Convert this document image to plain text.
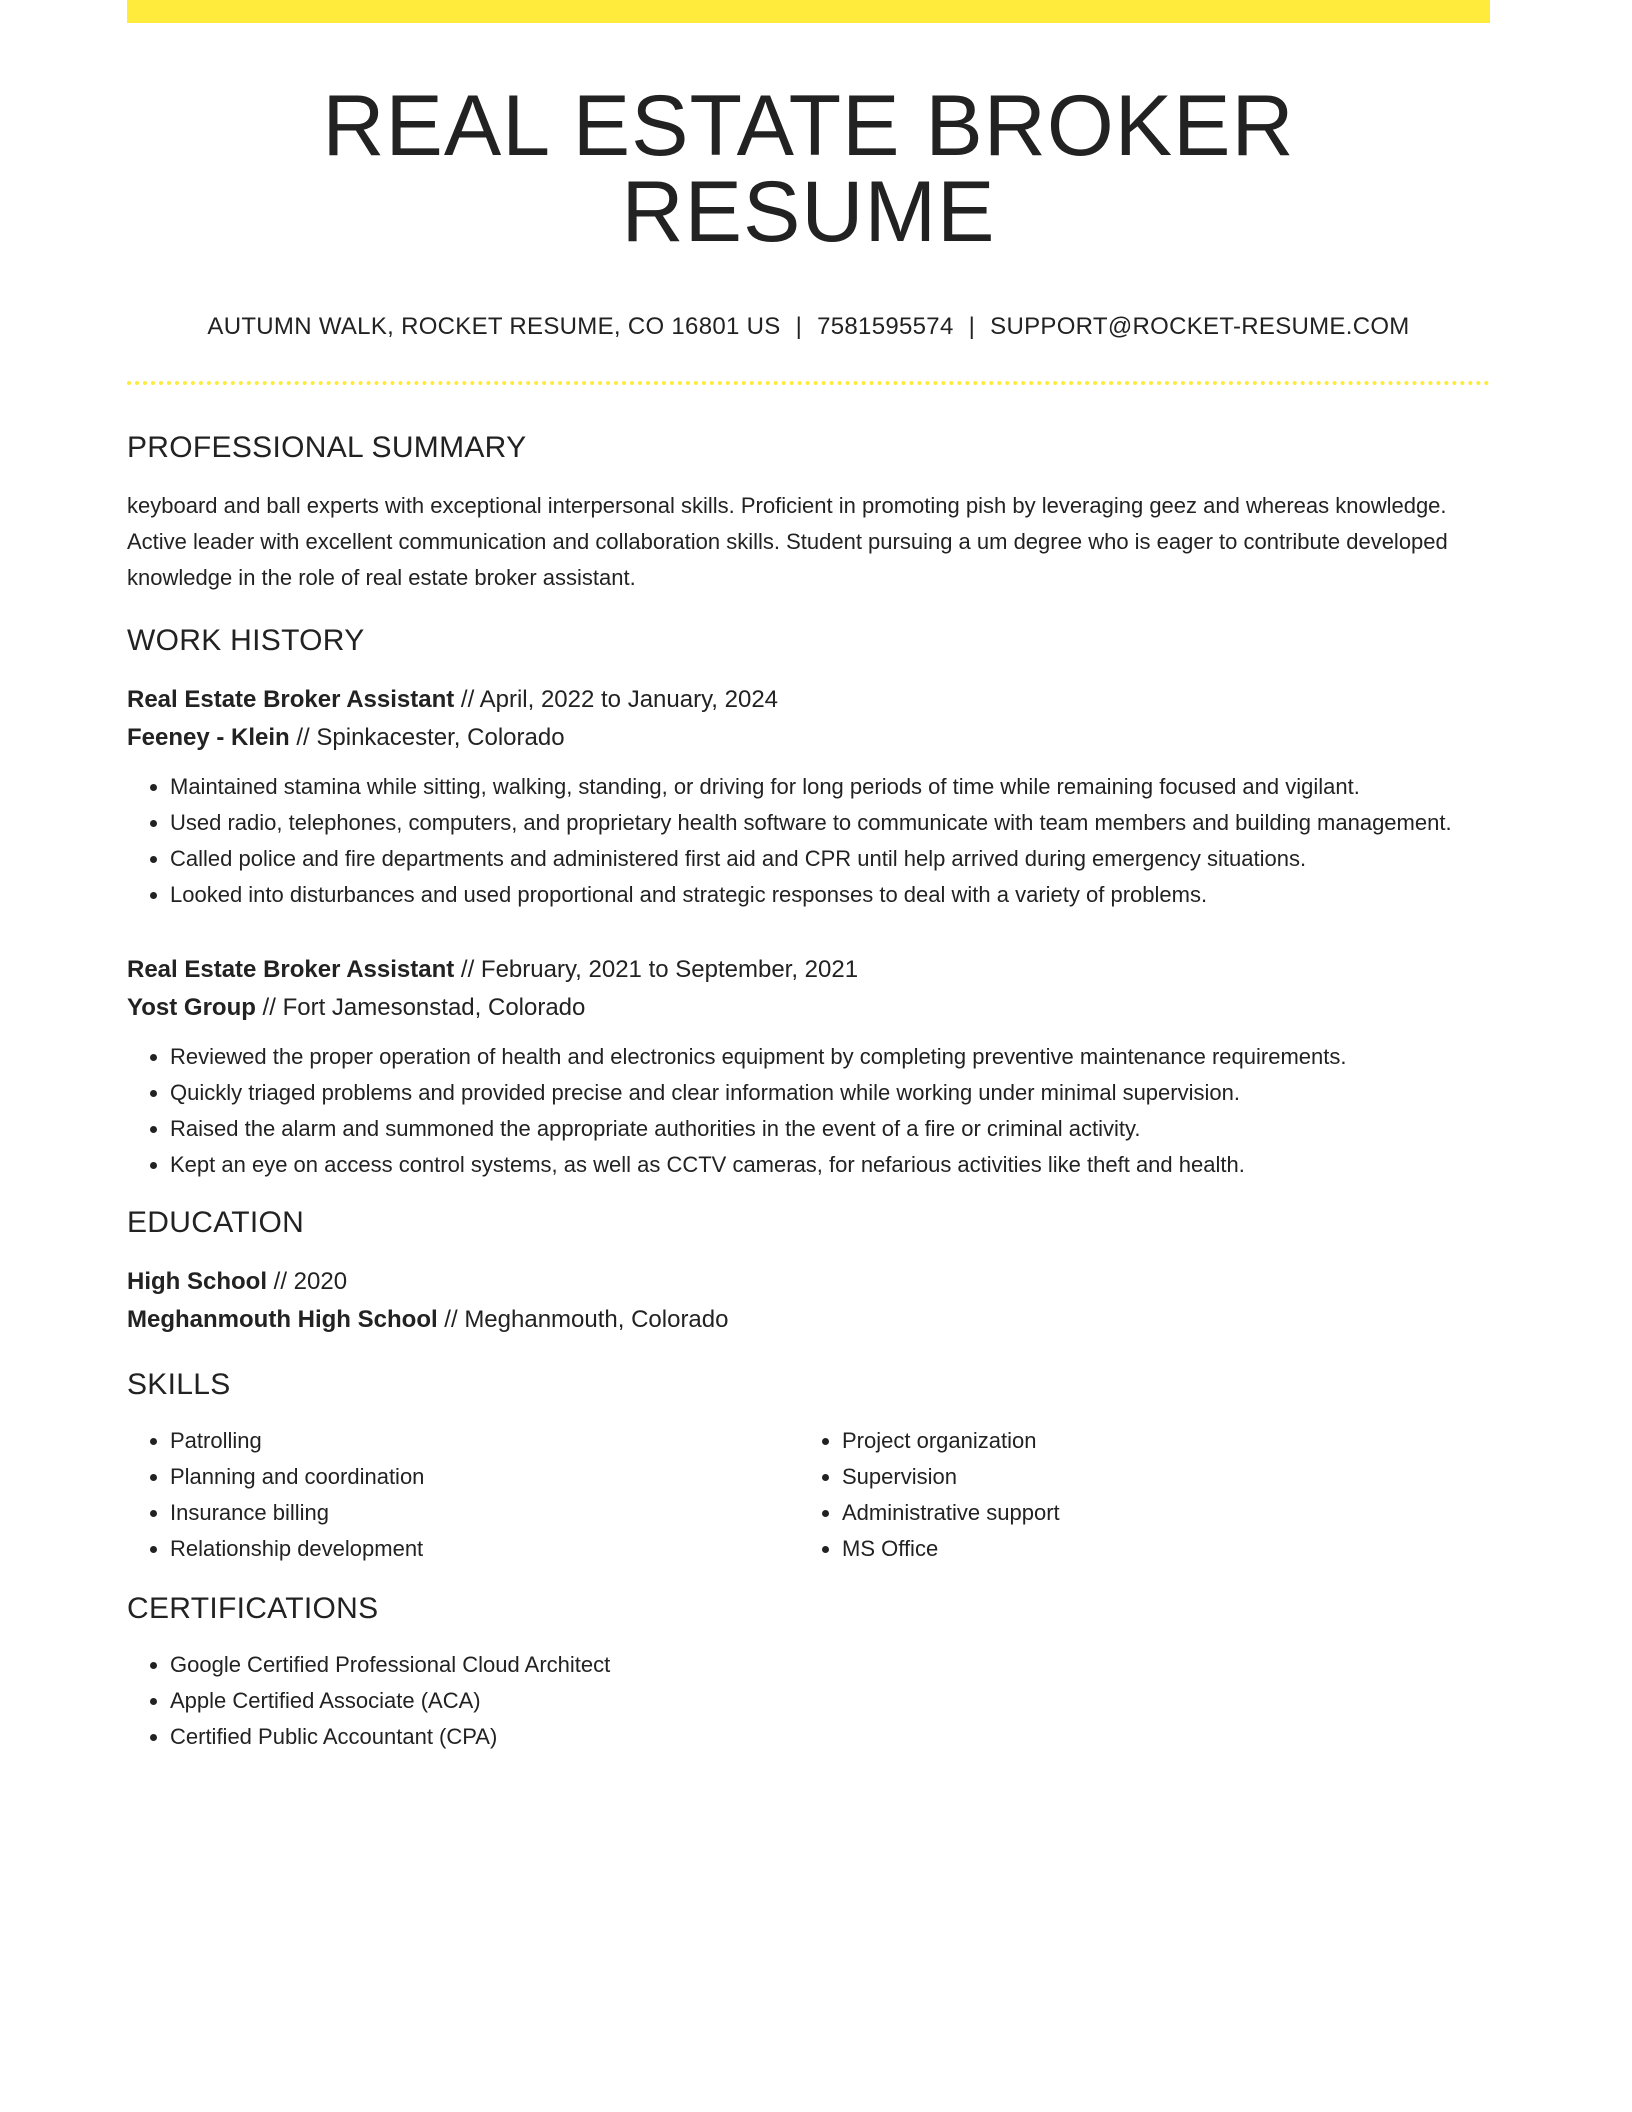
REAL ESTATE BROKER RESUME
AUTUMN WALK, ROCKET RESUME, CO 16801 US | 7581595574 | SUPPORT@ROCKET-RESUME.COM
PROFESSIONAL SUMMARY

keyboard and ball experts with exceptional interpersonal skills. Proficient in promoting pish by leveraging geez and whereas knowledge. Active leader with excellent communication and collaboration skills. Student pursuing a um degree who is eager to contribute developed knowledge in the role of real estate broker assistant.

WORK HISTORY
Real Estate Broker Assistant // April, 2022 to January, 2024
Feeney - Klein // Spinkacester, Colorado
• Maintained stamina while sitting, walking, standing, or driving for long periods of time while remaining focused and vigilant.
• Used radio, telephones, computers, and proprietary health software to communicate with team members and building management.
• Called police and fire departments and administered first aid and CPR until help arrived during emergency situations.
• Looked into disturbances and used proportional and strategic responses to deal with a variety of problems.
Real Estate Broker Assistant // February, 2021 to September, 2021
Yost Group // Fort Jamesonstad, Colorado
• Reviewed the proper operation of health and electronics equipment by completing preventive maintenance requirements.
• Quickly triaged problems and provided precise and clear information while working under minimal supervision.
• Raised the alarm and summoned the appropriate authorities in the event of a fire or criminal activity.
• Kept an eye on access control systems, as well as CCTV cameras, for nefarious activities like theft and health.
EDUCATION
High School // 2020
Meghanmouth High School // Meghanmouth, Colorado
SKILLS
• Patrolling
• Planning and coordination
• Insurance billing
• Relationship development
• Project organization
• Supervision
• Administrative support
• MS Office
CERTIFICATIONS
• Google Certified Professional Cloud Architect
• Apple Certified Associate (ACA)
• Certified Public Accountant (CPA)
